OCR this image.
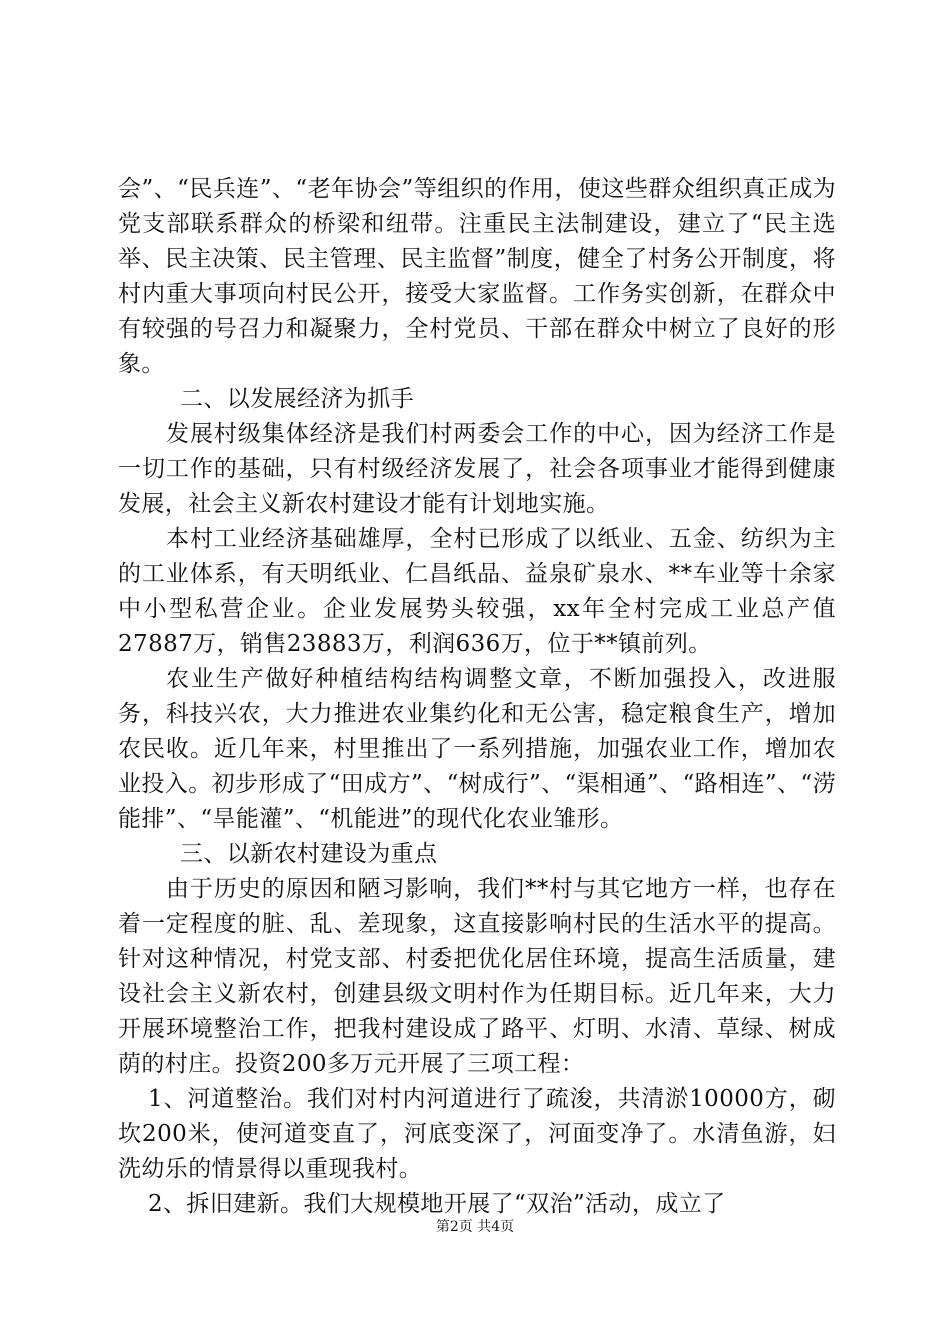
会”、“民兵连”、“老年协会”等组织的作用，使这些群众组织真正成为党支部联系群众的桥梁和纽带。注重民主法制建设，建立了“民主选举、民主决策、民主管理、民主监督”制度，健全了村务公开制度，将村内重大事项向村民公开，接受大家监督。工作务实创新，在群众中有较强的号召力和凝聚力，全村党员、干部在群众中树立了良好的形象。

二、以发展经济为抓手

发展村级集体经济是我们村两委会工作的中心，因为经济工作是一切工作的基础，只有村级经济发展了，社会各项事业才能得到健康发展，社会主义新农村建设才能有计划地实施。

本村工业经济基础雄厚，全村已形成了以纸业、五金、纺织为主的工业体系，有天明纸业、仁昌纸品、益泉矿泉水、**车业等十余家中小型私营企业。企业发展势头较强，xx年全村完成工业总产值27887万，销售23883万，利润636万，位于**镇前列。

农业生产做好种植结构结构调整文章，不断加强投入，改进服务，科技兴农，大力推进农业集约化和无公害，稳定粮食生产，增加农民收。近几年来，村里推出了一系列措施，加强农业工作，增加农业投入。初步形成了“田成方”、“树成行”、“渠相通”、“路相连”、“涝能排”、“旱能灌”、“机能进”的现代化农业雏形。

三、以新农村建设为重点

由于历史的原因和陋习影响，我们**村与其它地方一样，也存在着一定程度的脏、乱、差现象，这直接影响村民的生活水平的提高。针对这种情况，村党支部、村委把优化居住环境，提高生活质量，建设社会主义新农村，创建县级文明村作为任期目标。近几年来，大力开展环境整治工作，把我村建设成了路平、灯明、水清、草绿、树成荫的村庄。投资200多万元开展了三项工程：

1、河道整治。我们对村内河道进行了疏浚，共清淤10000方，砌坎200米，使河道变直了，河底变深了，河面变净了。水清鱼游，妇洗幼乐的情景得以重现我村。

2、拆旧建新。我们大规模地开展了“双治”活动，成立了

第2页 共4页
